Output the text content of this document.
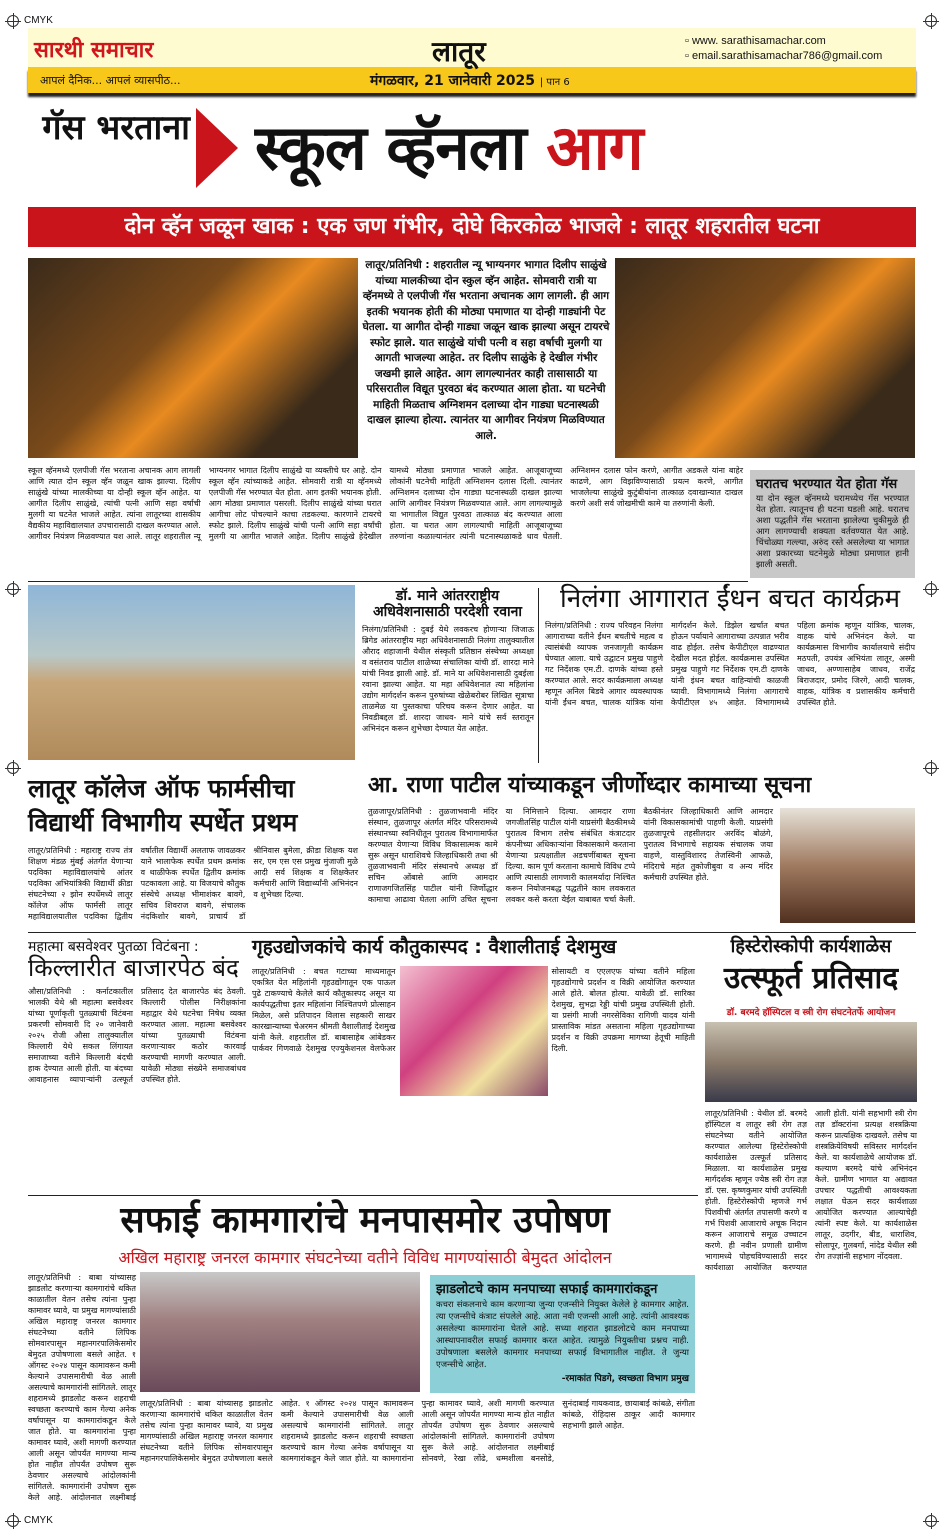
CMYK
CMYK
सारथी समाचार	लातूर	▫ www. sarathisamachar.com
▫ email.sarathisamachar786@gmail.com
आपलं दैनिक... आपलं व्यासपीठ...	मंगळवार, 21 जानेवारी 2025 | पान 6
गॅस भरताना स्कूल व्हॅनला आग
दोन व्हॅन जळून खाक : एक जण गंभीर, दोघे किरकोळ भाजले : लातूर शहरातील घटना
लातूर/प्रतिनिधी : शहरातील न्यू भाग्यनगर भागात दिलीप साळुंखे यांच्या मालकीच्या दोन स्कुल व्हॅन आहेत. सोमवारी रात्री या व्हॅनमध्ये ते एलपीजी गॅस भरताना अचानक आग लागली. ही आग इतकी भयानक होती की मोठ्या पमाणात या दोन्ही गाड्यांनी पेट घेतला. या आगीत दोन्ही गाड्या जळून खाक झाल्या असून टायरचे स्फोट झाले. यात साळुंखे यांची पत्नी व सहा वर्षाची मुलगी या आगती भाजल्या आहेत. तर दिलीप साळुंके हे देखील गंभीर जखमी झाले आहेत. आग लागल्यानंतर काही तासासाठी या परिसरातील विद्यूत पुरवठा बंद करण्यात आला होता. या घटनेची माहिती मिळताच अग्निशमन दलाच्या दोन गाड्या घटनास्थळी दाखल झाल्या होत्या. त्यानंतर या आगीवर नियंत्रण मिळविण्यात आले.
स्कूल व्हॅनमध्ये एलपीजी गॅस भरताना अचानक आग लागली आणि त्यात दोन स्कूल व्हॅन जळून खाक झाल्या. दिलीप साळुंखे यांच्या मालकीच्या या दोन्ही स्कूल व्हॅन आहेत. या आगीत दिलीप साळुंखे, त्यांची पत्नी आणि सहा वर्षाची मुलगी या घटनेत भाजले आहेत. त्यांना लातूरच्या शासकीय वैद्यकीय महाविद्यालयात उपचारासाठी दाखल करण्यात आले. आगीवर नियंत्रण मिळवण्यात यश आले. लातूर शहरातील न्यू भाग्यनगर भागात दिलीप साळुंखे या व्यक्तीचे घर आहे. दोन स्कूल व्हॅन त्यांच्याकडे आहेत. सोमवारी रात्री या व्हॅनमध्ये एलपीजी गॅस भरण्यात येत होता. आग इतकी भयानक होती. आग मोठ्या प्रमाणात पसरली. दिलीप साळुंखे यांच्या घरात आगीचा लोट पोचल्याने काचा तडकल्या. कारणाने टायरचे स्फोट झाले. दिलीप साळुंखे यांची पत्नी आणि सहा वर्षांची मुलगी या आगीत भाजले आहेत. दिलीप साळुंखे हेदेखील यामध्ये मोठ्या प्रमाणात भाजले आहेत. आजूबाजूच्या लोकांनी घटनेची माहिती अग्निशमन दलास दिली. त्यानंतर अग्निशमन दलाच्या दोन गाड्या घटनास्थळी दाखल झाल्या आणि आगीवर नियंत्रण मिळवण्यात आले. आग लागल्यामुळे या भागातील विद्युत पुरवठा तात्काळ बंद करण्यात आला होता. या घरात आग लागल्याची माहिती आजूबाजूच्या तरुणांना कळाल्यानंतर त्यांनी घटनास्थळाकडे धाव घेतली. अग्निशमन दलास फोन करणे, आगीत अडकले यांना बाहेर काढणे, आग विझविण्यासाठी प्रयत्न करणे, आगीत भाजलेल्या साळुंखे कुटुंबीयांना तात्काळ दवाखान्यात दाखल करणे अशी सर्व जोखमीची कामे या तरुणांनी केली.
घरातच भरण्यात येत होता गॅस
या दोन स्कूल व्हॅनमध्ये घरामध्येच गॅस भरण्यात येत होता. त्यातूनच ही घटना घडली आहे. घरातच अशा पद्धतीने गॅस भरताना झालेल्या चुकीमुळे ही आग लागण्याची शक्यता वर्तवण्यात येत आहे. चिंचोळ्या गल्ल्या, अरुंद रस्ते असलेल्या या भागात अशा प्रकारच्या घटनेमुळे मोठ्या प्रमाणात हानी झाली असती.
डॉ. माने आंतरराष्ट्रीय अधिवेशनासाठी परदेशी रवाना
निलंगा/प्रतिनिधी : दुबई येथे लवकरच होणाऱ्या जिजाऊ ब्रिगेड आंतरराष्ट्रीय महा अधिवेशनासाठी निलंगा तालुक्यातील औराद शहाजानी येथील संस्कृती प्रतिष्ठान संस्थेच्या अध्यक्षा व वसंतराव पाटील शाळेच्या संचालिका यांची डॉ. शारदा माने यांची निवड झाली आहे. डॉ. माने या अधिवेशनासाठी दुबईला रवाना झाल्या आहेत. या महा अधिवेशनात त्या महिलांना उद्योग मार्गदर्शन करून पुरुषांच्या खेळेबरोबर लिखित सूत्राचा ताळमेळ या पुस्तकाचा परिचय करून देणार आहेत. या निवडीबद्दल डॉ. शारदा जाधव- माने यांचे सर्व स्तरातून अभिनंदन करून शुभेच्छा देण्यात येत आहेत.
निलंगा आगारात ईंधन बचत कार्यक्रम
निलंगा/प्रतिनिधी : राज्य परिवहन निलंगा आगाराच्या वतीने ईंधन बचतीचे महत्व व त्यासंबंधी व्यापक जनजागृती कार्यक्रम घेण्यात आला. याचे उद्घाटन प्रमुख पाहुणे गट निर्देशक एम.टी. दाणके यांच्या हस्ते करण्यात आले. सदर कार्यक्रमाला अध्यक्ष म्हणून अनिल बिडवे आगार व्यवस्थापक यांनी ईंधन बचत, चालक यांत्रिक यांना मार्गदर्शन केले. डिझेल खर्चात बचत होऊन पर्यायाने आगाराच्या उत्पन्नात भरीव वाढ होईल. तसेच केपीटीएल वाढण्यात देखील मदत होईल. कार्यक्रमास उपस्थित प्रमुख पाहुणे गट निर्देशक एम.टी दाणके यांनी इंधन बचत वाहिन्यांची काळजी घ्यावी. विभागामध्ये निलंगा आगाराचे केपीटीएल ४५ आहेत. विभागामध्ये पहिला क्रमांक म्हणून यांत्रिक, चालक, वाहक यांचे अभिनंदन केले. या कार्यक्रमास विभागीय कार्यालयाचे संदीप मठपती, उपयंत्र अभियंता लातूर, अस्मी जाधव, अण्णासाहेब जाधव, राजेंद्र बिराजदार, प्रमोद जिरगे, आदी चालक, वाहक, यांत्रिक व प्रशासकीय कर्मचारी उपस्थित होते.
लातूर कॉलेज ऑफ फार्मसीचा विद्यार्थी विभागीय स्पर्धेत प्रथम
लातूर/प्रतिनिधी : महाराष्ट्र राज्य तंत्र शिक्षण मंडळ मुंबई अंतर्गत येणाऱ्या पदविका महाविद्यालयांचे आंतर पदविका अभियांत्रिकी विद्यार्थी क्रीडा संघटनेच्या २ झोन स्पर्धेमध्ये लातूर कॉलेज ऑफ फार्मसी लातूर महाविद्यालयातील पदविका द्वितीय वर्षातील विद्यार्थी अलताफ जावळकर याने भालाफेक स्पर्धेत प्रथम क्रमांक व थाळीफेक स्पर्धेत द्वितीय क्रमांक पटकावला आहे. या विजयाचे कौतुक संस्थेचे अध्यक्ष भीमाशंकर बावगे, सचिव शिवराज बावगे, संचालक नंदकिशोर बावगे, प्राचार्य डॉ श्रीनिवास बुमेला, क्रीडा शिक्षक यश सर, एम एस एस प्रमुख मुंजाजी मुळे आदी सर्व शिक्षक व शिक्षकेतर कर्मचारी आणि विद्यार्थ्यांनी अभिनंदन व शुभेच्छा दिल्या.
आ. राणा पाटील यांच्याकडून जीर्णोध्दार कामाच्या सूचना
तुळजापूर/प्रतिनिधी : तुळजाभवानी मंदिर संस्थान, तुळजापूर अंतर्गत मंदिर परिसरामध्ये संस्थानच्या स्वनिधीतून पुरातत्व विभागामार्फत करण्यात येणाऱ्या विविध विकासात्मक कामे सुरू असून धाराशिवचे जिल्हाधिकारी तथा श्री तुळजाभवानी मंदिर संस्थानचे अध्यक्ष डॉ सचिन ओंबासे आणि आमदार राणाजगजितसिंह पाटील यांनी जिर्णोद्धार कामाचा आढावा घेतला आणि उचित सूचना या निमित्ताने दिल्या. आमदार राणा जगजीतसिंह पाटील यांनी याप्रसंगी बैठकीमध्ये पुरातत्व विभाग तसेच संबंधित कंत्राटदार कंपनीच्या अधिकाऱ्यांना विकासकामे करताना येणाऱ्या प्रत्यक्षातील अडचणींबाबत सूचना दिल्या. काम पूर्ण करताना कामाचे विविध टप्पे आणि त्यासाठी लागणारी कालमर्यादा निश्चित करून नियोजनबद्ध पद्धतीने काम लवकरात लवकर कसे करता येईल याबाबत चर्चा केली. बैठकीनंतर जिल्हाधिकारी आणि आमदार यांनी विकासकामांची पाहणी केली. याप्रसंगी तुळजापूरचे तहसीलदार अरविंद बोळंगे, पुरातत्व विभागाचे सहायक संचालक जया वाहणे, वास्तुविशारद तेजस्विनी आफळे, मंदिराचे महंत तुकोजीबुवा व अन्य मंदिर कर्मचारी उपस्थित होते.
महात्मा बसवेश्वर पुतळा विटंबना :
किल्लारीत बाजारपेठ बंद
औसा/प्रतिनिधी : कर्नाटकातील भालकी येथे श्री महात्मा बसवेश्वर यांच्या पूर्णाकृती पुतळ्याची विटंबना प्रकरणी सोमवारी दि २० जानेवारी २०२५ रोजी औसा तालुक्यातील किल्लारी येथे सकल लिंगायत समाजाच्या वतीने किल्लारी बंदची हाक देण्यात आली होती. या बंदच्या आवाहनास व्यापाऱ्यांनी उत्स्फूर्त प्रतिसाद देत बाजारपेठ बंद ठेवली. किल्लारी पोलीस निरीक्षकांना महाद्वार येथे घटनेचा निषेध व्यक्त करण्यात आला. महात्मा बसवेश्वर यांच्या पुतळ्याची विटंबना करणाऱ्यावर कठोर कारवाई करण्याची मागणी करण्यात आली. यावेळी मोठ्या संख्येने समाजबांधव उपस्थित होते.
गृहउद्योजकांचे कार्य कौतुकास्पद : वैशालीताई देशमुख
लातूर/प्रतिनिधी : बचत गटाच्या माध्यमातून एकत्रित येत महिलांनी गृहउद्योगातून एक पाऊल पुढे टाकण्याचे केलेले कार्य कौतुकास्पद असून या कार्यपद्धतीचा इतर महिलांना निश्चितपणे प्रोत्साहन मिळेल, असे प्रतिपादन विलास सहकारी साखर कारखान्याच्या चेअरमन श्रीमती वैशालीताई देशमुख यांनी केले. शहरातील डॉ. बाबासाहेब आंबेडकर पार्कवर गिणवाळे देशमुख एज्युकेशनल वेलफेअर सोसायटी व एएलएफ यांच्या वतीने महिला गृहउद्योगाचे प्रदर्शन व विक्री आयोजित करण्यात आले होते. बोलत होत्या. यावेळी डॉ. सारिका देशमुख, सुभद्रा रेड्डी यांची प्रमुख उपस्थिती होती. या प्रसंगी माजी नगरसेविका रागिणी यादव यांनी प्रास्ताविक मांडत असताना महिला गृहउद्योगाच्या प्रदर्शन व विक्री उपक्रमा मागच्या हेतूची माहिती दिली.
हिस्टेरोस्कोपी कार्यशाळेस
उत्स्फूर्त प्रतिसाद
डॉ. बरमदे हॉस्पिटल व स्त्री रोग संघटनेतर्फे आयोजन
लातूर/प्रतिनिधी : येथील डॉ. बरमदे हॉस्पिटल व लातूर स्त्री रोग तज्ञ संघटनेच्या वतीने आयोजित करण्यात आलेल्या हिस्टेरोस्कोपी कार्यशाळेस उत्स्फूर्त प्रतिसाद मिळाला. या कार्यशाळेस प्रमुख मार्गदर्शक म्हणून ज्येष्ठ स्त्री रोग तज्ञ डॉ. एस. कृष्णकुमार यांची उपस्थिती होती. हिस्टेरोस्कोपी म्हणजे गर्भ पिशवीची अंतर्गत तपासणी करणे व गर्भ पिशवी आजाराचे अचूक निदान करून आजाराचे समूळ उच्चाटन करणे. ही नवीन प्रणाली ग्रामीण भागामध्ये पोहचविण्यासाठी सदर कार्यशाळा आयोजित करण्यात आली होती. यांनी सहभागी स्त्री रोग तज्ञ डॉक्टरांना प्रत्यक्ष शस्त्रक्रिया करून प्रात्यक्षिक दाखवले. तसेच या शस्त्रक्रियेविषयी सविस्तर मार्गदर्शन केले. या कार्यशाळेचे आयोजक डॉ. कल्याण बरमदे यांचे अभिनंदन केले. ग्रामीण भागात या अद्यावत उपचार पद्धतीची आवश्यकता लक्षात घेऊन सदर कार्यशाळा आयोजित करण्यात आल्याचेही त्यांनी स्पष्ट केले. या कार्यशाळेस लातूर, उदगीर, बीड, धाराशिव, सोलापूर, गुलबर्गा, नांदेड येथील स्त्री रोग तज्ज्ञांनी सहभाग नोंदवला.
सफाई कामगारांचे मनपासमोर उपोषण
अखिल महाराष्ट्र जनरल कामगार संघटनेच्या वतीने विविध मागण्यांसाठी बेमुदत आंदोलन
लातूर/प्रतिनिधी : बाबा यांच्यासह झाडलोट करणाऱ्या कामगारांचे थकित काळातील वेतन तसेच त्यांना पुन्हा कामावर घ्यावे, या प्रमुख मागण्यांसाठी अखिल महाराष्ट्र जनरल कामगार संघटनेच्या वतीने लिपिक सोमवारपासून महानगरपालिकेसमोर बेमुदत उपोषणाला बसले आहेत. १ ऑगस्ट २०२४ पासून कामावरून कमी केल्याने उपासमारीची वेळ आली असल्याचे कामगारांनी सांगितले. लातूर शहरामध्ये झाडलोट करून शहराची स्वच्छता करण्याचे काम गेल्या अनेक वर्षापासून या कामगारांकडून केले जात होते. या कामगारांना पुन्हा कामावर घ्यावे, अशी मागणी करण्यात आली असून जोपर्यंत मागण्या मान्य होत नाहीत तोपर्यंत उपोषण सुरू ठेवणार असल्याचे आंदोलकांनी सांगितले. कामगारांनी उपोषण सुरू केले आहे. आंदोलनात लक्ष्मीबाई
झाडलोटचे काम मनपाच्या सफाई कामगारांकडून
कचरा संकलनाचे काम करणाऱ्या जुन्या एजन्सीने नियुक्त केलेले हे कामगार आहेत. त्या एजन्सीचे कंत्राट संपलेले आहे. आता नवी एजन्सी आली आहे. त्यांनी आवश्यक असलेल्या कामगारांना घेतले आहे. सध्या शहरात झाडलोटचे काम मनपाच्या आस्थापनावरील सफाई कामगार करत आहेत. त्यामुळे नियुक्तीचा प्रश्नच नाही. उपोषणाला बसलेले कामगार मनपाच्या सफाई विभागातील नाहीत. ते जुन्या एजन्सीचे आहेत.
-रमाकांत पिडगे, स्वच्छता विभाग प्रमुख
लातूर/प्रतिनिधी : बाबा यांच्यासह झाडलोट करणाऱ्या कामगारांचे थकित काळातील वेतन तसेच त्यांना पुन्हा कामावर घ्यावे, या प्रमुख मागण्यांसाठी अखिल महाराष्ट्र जनरल कामगार संघटनेच्या वतीने लिपिक सोमवारपासून महानगरपालिकेसमोर बेमुदत उपोषणाला बसले आहेत. १ ऑगस्ट २०२४ पासून कामावरून कमी केल्याने उपासमारीची वेळ आली असल्याचे कामगारांनी सांगितले. लातूर शहरामध्ये झाडलोट करून शहराची स्वच्छता करण्याचे काम गेल्या अनेक वर्षापासून या कामगारांकडून केले जात होते. या कामगारांना पुन्हा कामावर घ्यावे, अशी मागणी करण्यात आली असून जोपर्यंत मागण्या मान्य होत नाहीत तोपर्यंत उपोषण सुरू ठेवणार असल्याचे आंदोलकांनी सांगितले. कामगारांनी उपोषण सुरू केले आहे. आंदोलनात लक्ष्मीबाई सोनवणे, रेखा लोंढे, धम्मशीला बनसोडे, सुनंदाबाई गायकवाड, छायाबाई कांबळे, संगीता कांबळे, रोहिदास ठाकूर आदी कामगार सहभागी झाले आहेत.
